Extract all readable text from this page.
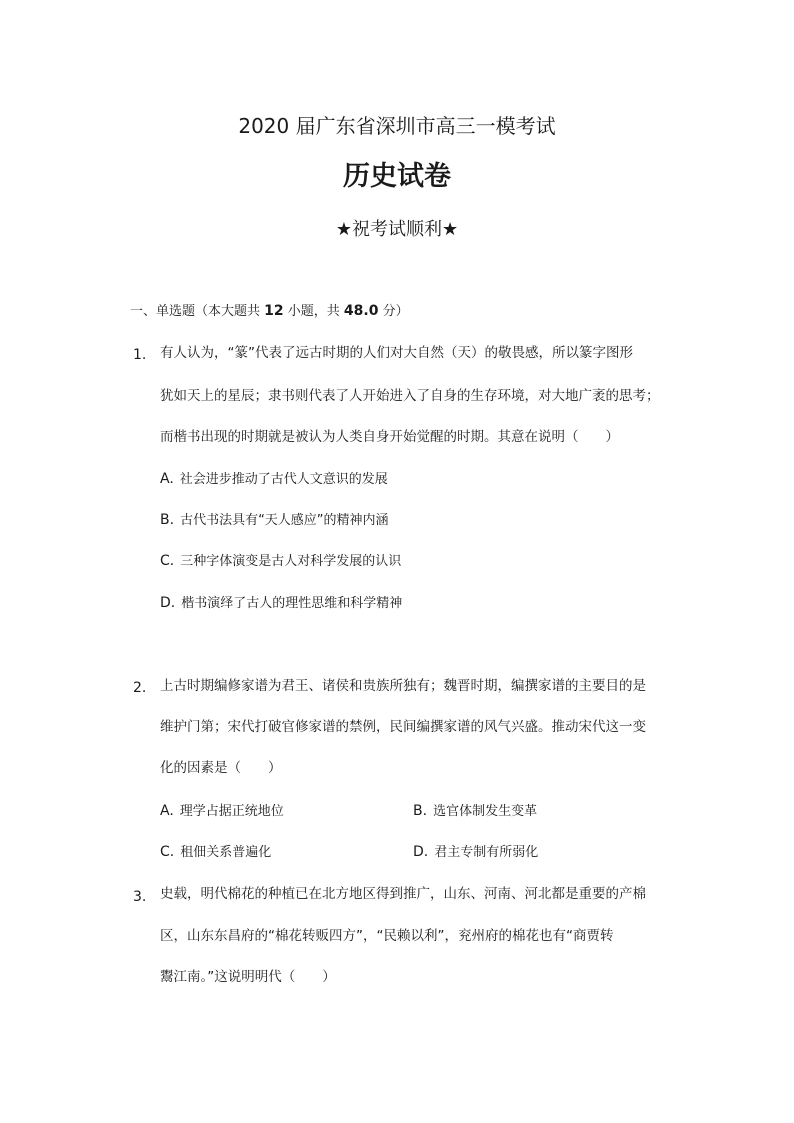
2020 届广东省深圳市高三一模考试
历史试卷
★祝考试顺利★
一、单选题（本大题共 12 小题，共 48.0 分）
1. 有人认为，“篆”代表了远古时期的人们对大自然（天）的敬畏感，所以篆字图形
犹如天上的星辰；隶书则代表了人开始进入了自身的生存环境，对大地广袤的思考；
而楷书出现的时期就是被认为人类自身开始觉醒的时期。其意在说明（　　）
A. 社会进步推动了古代人文意识的发展
B. 古代书法具有“天人感应”的精神内涵
C. 三种字体演变是古人对科学发展的认识
D. 楷书演绎了古人的理性思维和科学精神
2. 上古时期编修家谱为君王、诸侯和贵族所独有；魏晋时期，编撰家谱的主要目的是
维护门第；宋代打破官修家谱的禁例，民间编撰家谱的风气兴盛。推动宋代这一变
化的因素是（　　）
A. 理学占据正统地位	B. 选官体制发生变革
C. 租佃关系普遍化	D. 君主专制有所弱化
3. 史载，明代棉花的种植已在北方地区得到推广，山东、河南、河北都是重要的产棉
区，山东东昌府的“棉花转贩四方”，“民赖以利”，兖州府的棉花也有“商贾转
鬻江南。”这说明明代（　　）
